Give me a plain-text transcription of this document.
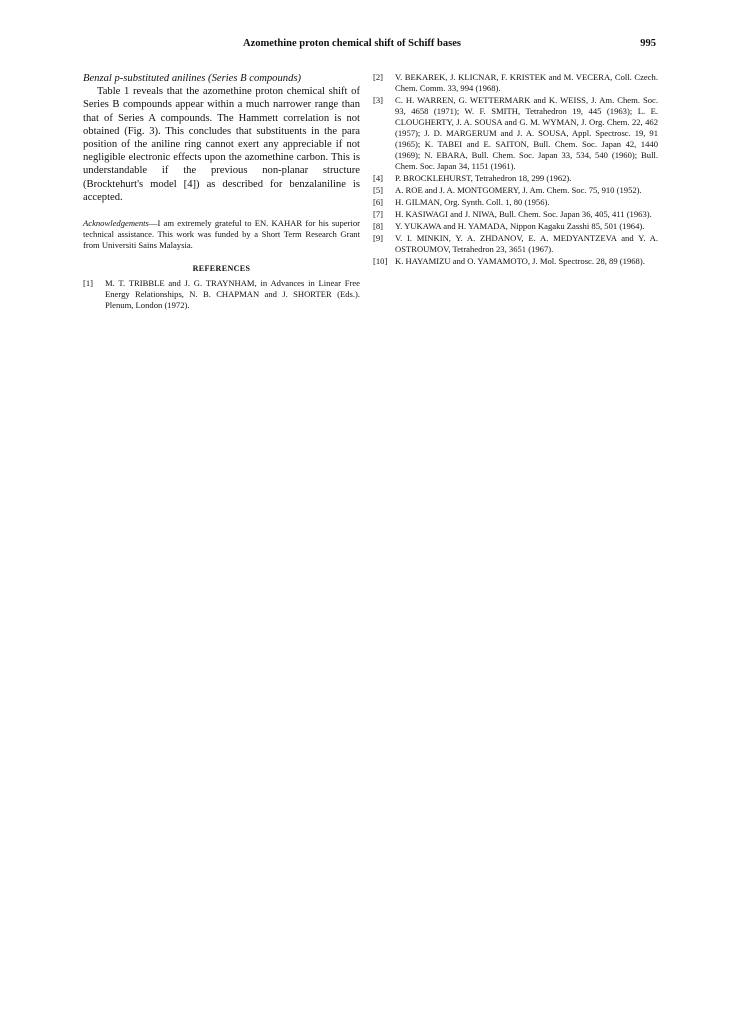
Azomethine proton chemical shift of Schiff bases	995

Benzal p-substituted anilines (Series B compounds)

Table 1 reveals that the azomethine proton chemical shift of Series B compounds appear within a much narrower range than that of Series A compounds. The Hammett correlation is not obtained (Fig. 3). This concludes that substituents in the para position of the aniline ring cannot exert any appreciable if not negligible electronic effects upon the azomethine carbon. This is understandable if the previous non-planar structure (Brocktehurt's model [4]) as described for benzalaniline is accepted.

Acknowledgements—I am extremely grateful to EN. KAHAR for his superior technical assistance. This work was funded by a Short Term Research Grant from Universiti Sains Malaysia.

REFERENCES
[1] M. T. TRIBBLE and J. G. TRAYNHAM, in Advances in Linear Free Energy Relationships, N. B. CHAPMAN and J. SHORTER (Eds.). Plenum, London (1972).
[2] V. BEKAREK, J. KLICNAR, F. KRISTEK and M. VECERA, Coll. Czech. Chem. Comm. 33, 994 (1968).
[3] C. H. WARREN, G. WETTERMARK and K. WEISS, J. Am. Chem. Soc. 93, 4658 (1971); W. F. SMITH, Tetrahedron 19, 445 (1963); L. E. CLOUGHERTY, J. A. SOUSA and G. M. WYMAN, J. Org. Chem. 22, 462 (1957); J. D. MARGERUM and J. A. SOUSA, Appl. Spectrosc. 19, 91 (1965); K. TABEI and E. SAITON, Bull. Chem. Soc. Japan 42, 1440 (1969); N. EBARA, Bull. Chem. Soc. Japan 33, 534, 540 (1960); Bull. Chem. Soc. Japan 34, 1151 (1961).
[4] P. BROCKLEHURST, Tetrahedron 18, 299 (1962).
[5] A. ROE and J. A. MONTGOMERY, J. Am. Chem. Soc. 75, 910 (1952).
[6] H. GILMAN, Org. Synth. Coll. 1, 80 (1956).
[7] H. KASIWAGI and J. NIWA, Bull. Chem. Soc. Japan 36, 405, 411 (1963).
[8] Y. YUKAWA and H. YAMADA, Nippon Kagaku Zasshi 85, 501 (1964).
[9] V. I. MINKIN, Y. A. ZHDANOV, E. A. MEDYANTZEVA and Y. A. OSTROUMOV, Tetrahedron 23, 3651 (1967).
[10] K. HAYAMIZU and O. YAMAMOTO, J. Mol. Spectrosc. 28, 89 (1968).
